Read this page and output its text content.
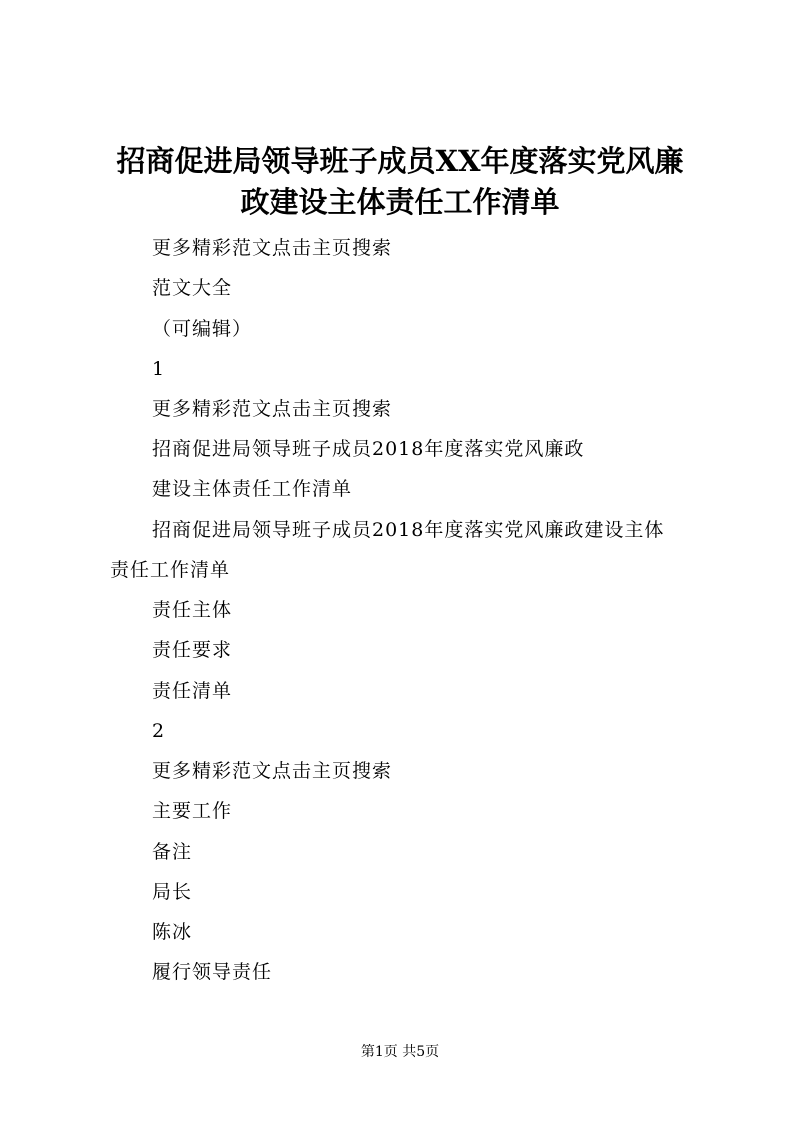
招商促进局领导班子成员XX年度落实党风廉
政建设主体责任工作清单
更多精彩范文点击主页搜索
范文大全
（可编辑）
1
更多精彩范文点击主页搜索
招商促进局领导班子成员2018年度落实党风廉政
建设主体责任工作清单
招商促进局领导班子成员2018年度落实党风廉政建设主体
责任工作清单
责任主体
责任要求
责任清单
2
更多精彩范文点击主页搜索
主要工作
备注
局长
陈冰
履行领导责任
第1页 共5页
